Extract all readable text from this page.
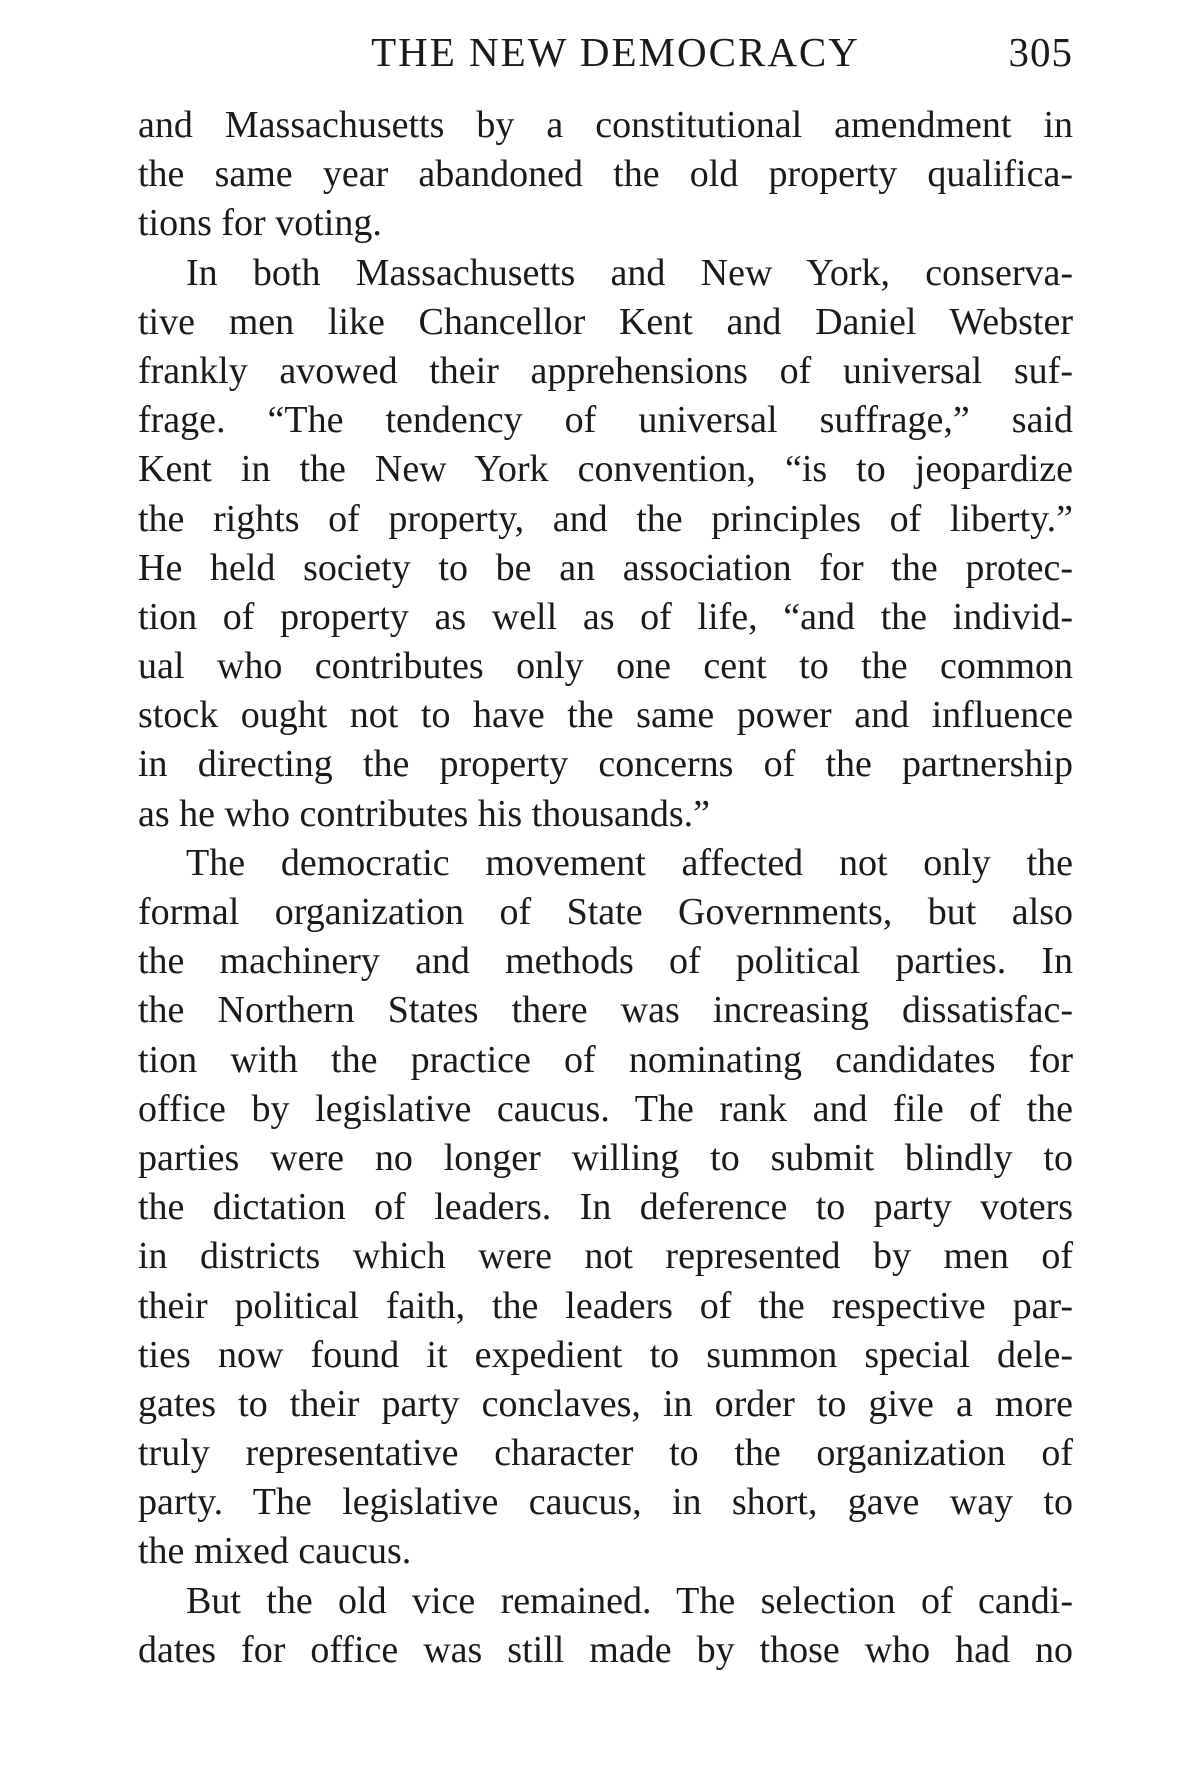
THE NEW DEMOCRACY	305
and Massachusetts by a constitutional amendment in
the same year abandoned the old property qualifica-
tions for voting.
In both Massachusetts and New York, conserva-
tive men like Chancellor Kent and Daniel Webster
frankly avowed their apprehensions of universal suf-
frage. “The tendency of universal suffrage,” said
Kent in the New York convention, “is to jeopardize
the rights of property, and the principles of liberty.”
He held society to be an association for the protec-
tion of property as well as of life, “and the individ-
ual who contributes only one cent to the common
stock ought not to have the same power and influence
in directing the property concerns of the partnership
as he who contributes his thousands.”
The democratic movement affected not only the
formal organization of State Governments, but also
the machinery and methods of political parties. In
the Northern States there was increasing dissatisfac-
tion with the practice of nominating candidates for
office by legislative caucus. The rank and file of the
parties were no longer willing to submit blindly to
the dictation of leaders. In deference to party voters
in districts which were not represented by men of
their political faith, the leaders of the respective par-
ties now found it expedient to summon special dele-
gates to their party conclaves, in order to give a more
truly representative character to the organization of
party. The legislative caucus, in short, gave way to
the mixed caucus.
But the old vice remained. The selection of candi-
dates for office was still made by those who had no
